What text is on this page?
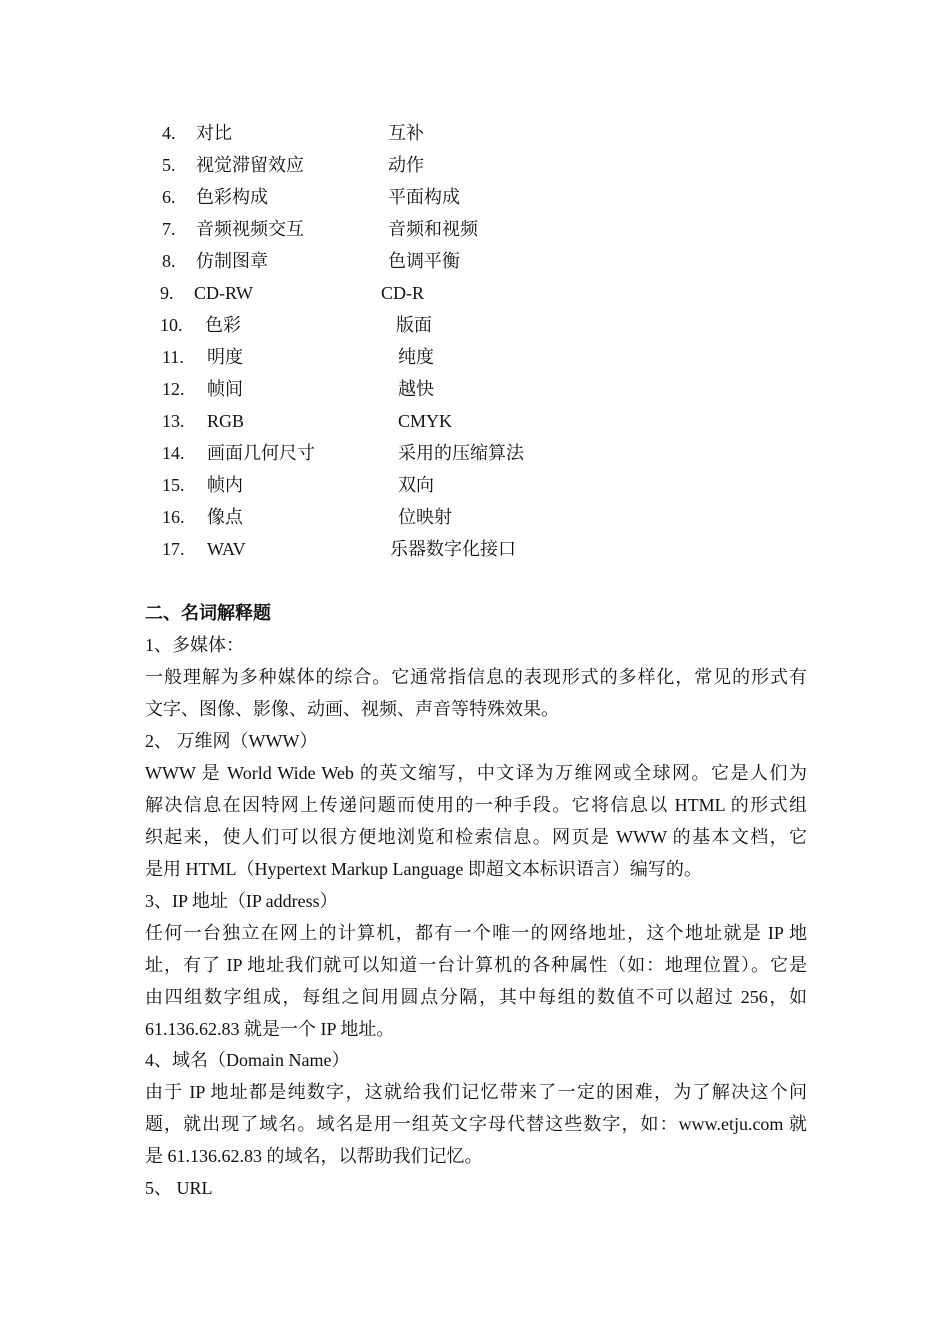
4. 对比	互补
5. 视觉滞留效应	动作
6. 色彩构成	平面构成
7. 音频视频交互	音频和视频
8. 仿制图章	色调平衡
9. CD-RW	CD-R
10. 色彩	版面
11. 明度	纯度
12. 帧间	越快
13. RGB	CMYK
14. 画面几何尺寸	采用的压缩算法
15. 帧内	双向
16. 像点	位映射
17. WAV	乐器数字化接口
二、名词解释题
1、多媒体：
一般理解为多种媒体的综合。它通常指信息的表现形式的多样化，常见的形式有
文字、图像、影像、动画、视频、声音等特殊效果。
2、 万维网（WWW）
WWW 是 World Wide Web 的英文缩写，中文译为万维网或全球网。它是人们为
解决信息在因特网上传递问题而使用的一种手段。它将信息以 HTML 的形式组
织起来，使人们可以很方便地浏览和检索信息。网页是 WWW 的基本文档，它
是用 HTML（Hypertext Markup Language 即超文本标识语言）编写的。
3、IP 地址（IP address）
任何一台独立在网上的计算机，都有一个唯一的网络地址，这个地址就是 IP 地
址，有了 IP 地址我们就可以知道一台计算机的各种属性（如：地理位置）。它是
由四组数字组成，每组之间用圆点分隔，其中每组的数值不可以超过 256，如
61.136.62.83 就是一个 IP 地址。
4、域名（Domain Name）
由于 IP 地址都是纯数字，这就给我们记忆带来了一定的困难，为了解决这个问
题，就出现了域名。域名是用一组英文字母代替这些数字，如：www.etju.com 就
是 61.136.62.83 的域名，以帮助我们记忆。
5、 URL
